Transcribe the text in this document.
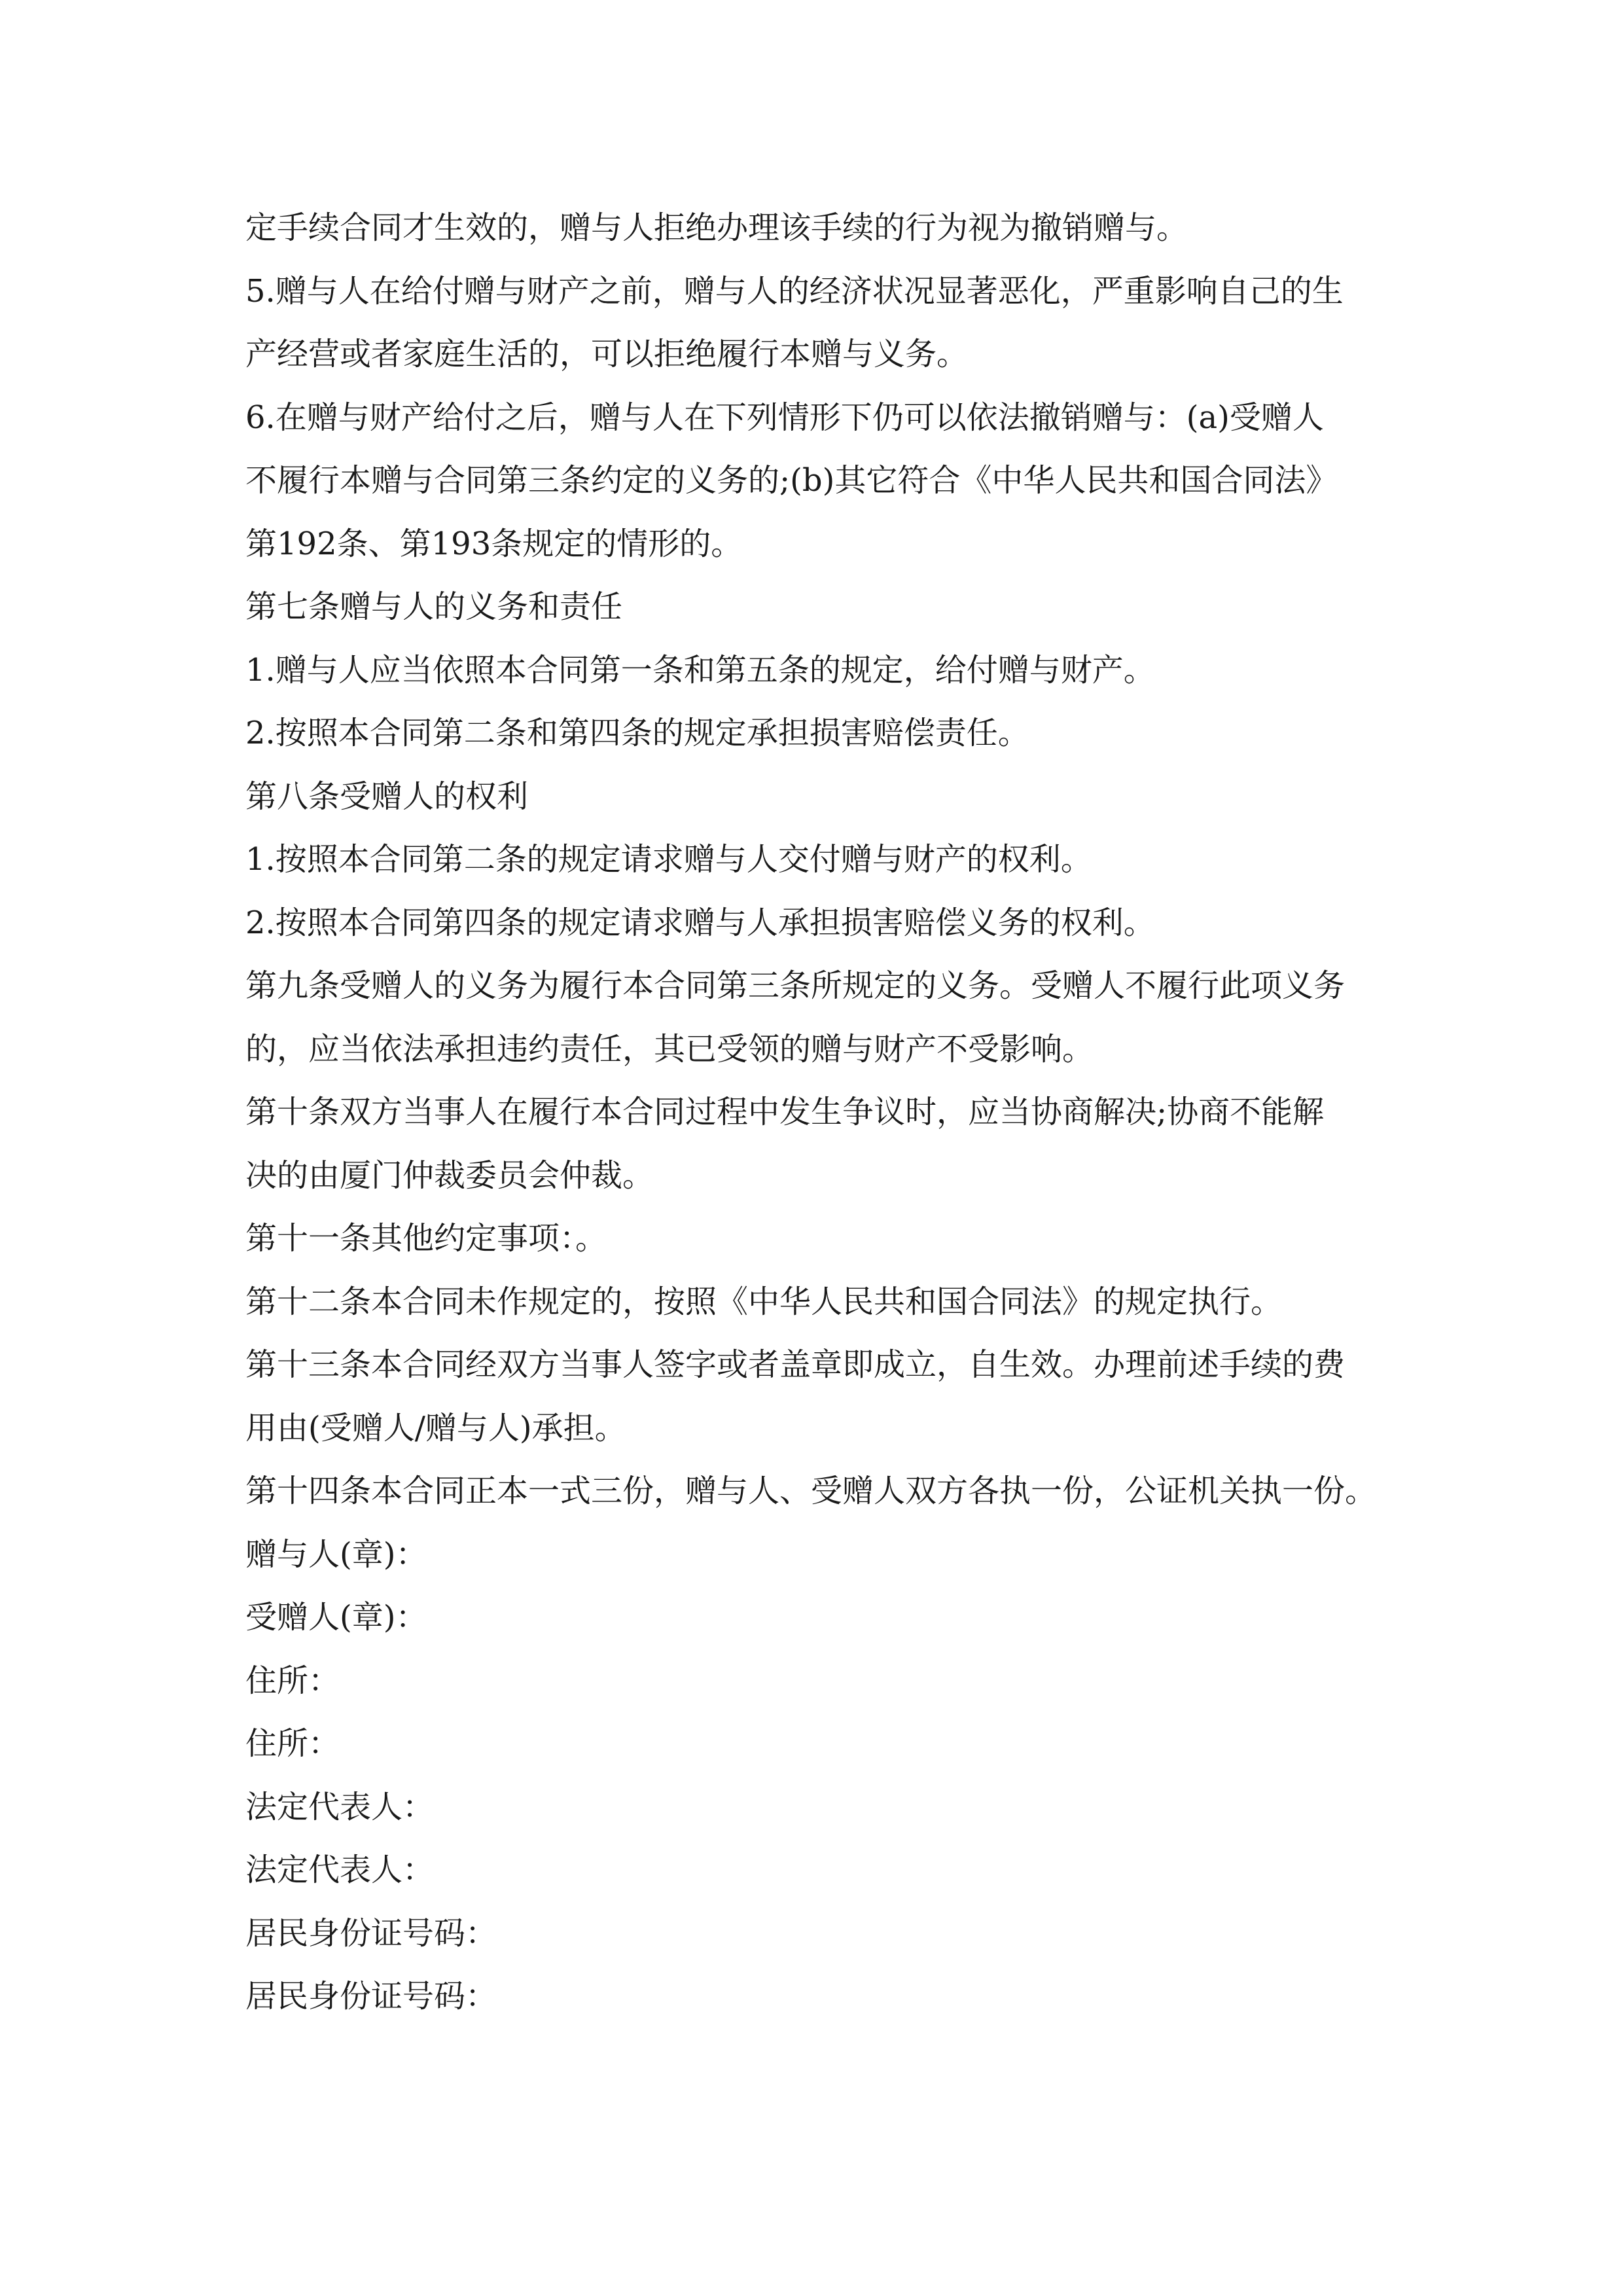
定手续合同才生效的，赠与人拒绝办理该手续的行为视为撤销赠与。
5.赠与人在给付赠与财产之前，赠与人的经济状况显著恶化，严重影响自己的生
产经营或者家庭生活的，可以拒绝履行本赠与义务。
6.在赠与财产给付之后，赠与人在下列情形下仍可以依法撤销赠与：(a)受赠人
不履行本赠与合同第三条约定的义务的;(b)其它符合《中华人民共和国合同法》
第192条、第193条规定的情形的。
第七条赠与人的义务和责任
1.赠与人应当依照本合同第一条和第五条的规定，给付赠与财产。
2.按照本合同第二条和第四条的规定承担损害赔偿责任。
第八条受赠人的权利
1.按照本合同第二条的规定请求赠与人交付赠与财产的权利。
2.按照本合同第四条的规定请求赠与人承担损害赔偿义务的权利。
第九条受赠人的义务为履行本合同第三条所规定的义务。受赠人不履行此项义务
的，应当依法承担违约责任，其已受领的赠与财产不受影响。
第十条双方当事人在履行本合同过程中发生争议时，应当协商解决;协商不能解
决的由厦门仲裁委员会仲裁。
第十一条其他约定事项：。
第十二条本合同未作规定的，按照《中华人民共和国合同法》的规定执行。
第十三条本合同经双方当事人签字或者盖章即成立，自生效。办理前述手续的费
用由(受赠人/赠与人)承担。
第十四条本合同正本一式三份，赠与人、受赠人双方各执一份，公证机关执一份。
赠与人(章)：
受赠人(章)：
住所：
住所：
法定代表人：
法定代表人：
居民身份证号码：
居民身份证号码：
